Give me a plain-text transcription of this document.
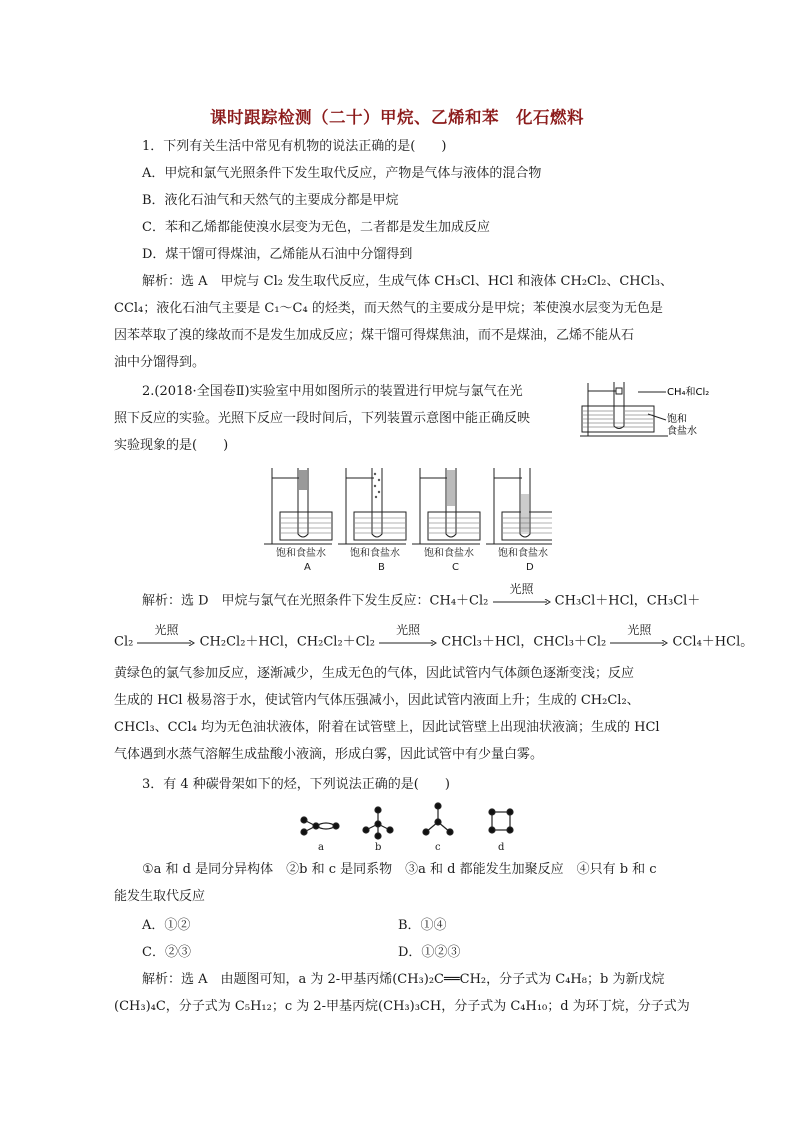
课时跟踪检测（二十）甲烷、乙烯和苯　化石燃料
1．下列有关生活中常见有机物的说法正确的是(　　)
A．甲烷和氯气光照条件下发生取代反应，产物是气体与液体的混合物
B．液化石油气和天然气的主要成分都是甲烷
C．苯和乙烯都能使溴水层变为无色，二者都是发生加成反应
D．煤干馏可得煤油，乙烯能从石油中分馏得到
解析：选 A　甲烷与 Cl₂ 发生取代反应，生成气体 CH₃Cl、HCl 和液体 CH₂Cl₂、CHCl₃、
CCl₄；液化石油气主要是 C₁～C₄ 的烃类，而天然气的主要成分是甲烷；苯使溴水层变为无色是
因苯萃取了溴的缘故而不是发生加成反应；煤干馏可得煤焦油，而不是煤油，乙烯不能从石
油中分馏得到。
2.(2018·全国卷Ⅱ)实验室中用如图所示的装置进行甲烷与氯气在光
照下反应的实验。光照下反应一段时间后，下列装置示意图中能正确反映
实验现象的是(　　)
CH₄和Cl₂
饱和
食盐水
饱和食盐水 饱和食盐水 饱和食盐水 饱和食盐水
A	B	C	D
解析：选 D　甲烷与氯气在光照条件下发生反应：CH₄＋Cl₂
光照
CH₃Cl＋HCl，CH₃Cl＋
Cl₂
光照
CH₂Cl₂＋HCl，CH₂Cl₂＋Cl₂
光照
CHCl₃＋HCl，CHCl₃＋Cl₂
光照
CCl₄＋HCl。
黄绿色的氯气参加反应，逐渐减少，生成无色的气体，因此试管内气体颜色逐渐变浅；反应
生成的 HCl 极易溶于水，使试管内气体压强减小，因此试管内液面上升；生成的 CH₂Cl₂、
CHCl₃、CCl₄ 均为无色油状液体，附着在试管壁上，因此试管壁上出现油状液滴；生成的 HCl
气体遇到水蒸气溶解生成盐酸小液滴，形成白雾，因此试管中有少量白雾。
3．有 4 种碳骨架如下的烃，下列说法正确的是(　　)
a	b	c	d
①a 和 d 是同分异构体　②b 和 c 是同系物　③a 和 d 都能发生加聚反应　④只有 b 和 c
能发生取代反应
A．①②	B．①④
C．②③	D．①②③
解析：选 A　由题图可知，a 为 2-甲基丙烯(CH₃)₂C══CH₂，分子式为 C₄H₈；b 为新戊烷
(CH₃)₄C，分子式为 C₅H₁₂；c 为 2-甲基丙烷(CH₃)₃CH，分子式为 C₄H₁₀；d 为环丁烷，分子式为
